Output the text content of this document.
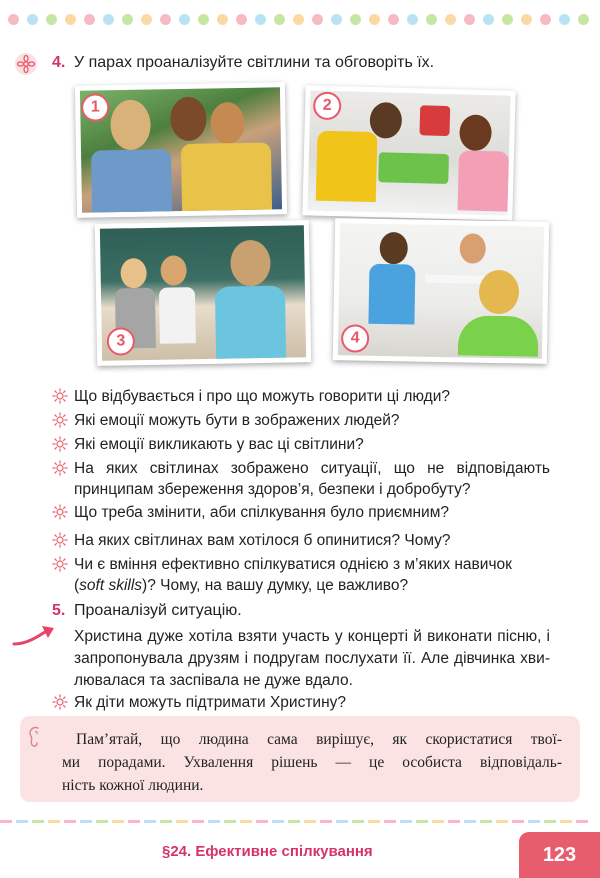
4. У парах проаналізуйте світлини та обговоріть їх.
1	2
3	4
Що відбувається і про що можуть говорити ці люди?
Які емоції можуть бути в зображених людей?
Які емоції викликають у вас ці світлини?
На яких світлинах зображено ситуації, що не відповідають
принципам збереження здоров’я, безпеки і добробуту?
Що треба змінити, аби спілкування було приємним?
На яких світлинах вам хотілося б опинитися? Чому?
Чи є вміння ефективно спілкуватися однією з м’яких навичок
(soft skills)? Чому, на вашу думку, це важливо?
5. Проаналізуй ситуацію.
Христина дуже хотіла взяти участь у концерті й виконати пісню, і
запропонувала друзям і подругам послухати її. Але дівчинка хви-
лювалася та заспівала не дуже вдало.
Як діти можуть підтримати Христину?
Пам’ятай, що людина сама вирішує, як скористатися твої-
ми порадами. Ухвалення рішень — це особиста відповідаль-
ність кожної людини.
§24. Ефективне спілкування	123
